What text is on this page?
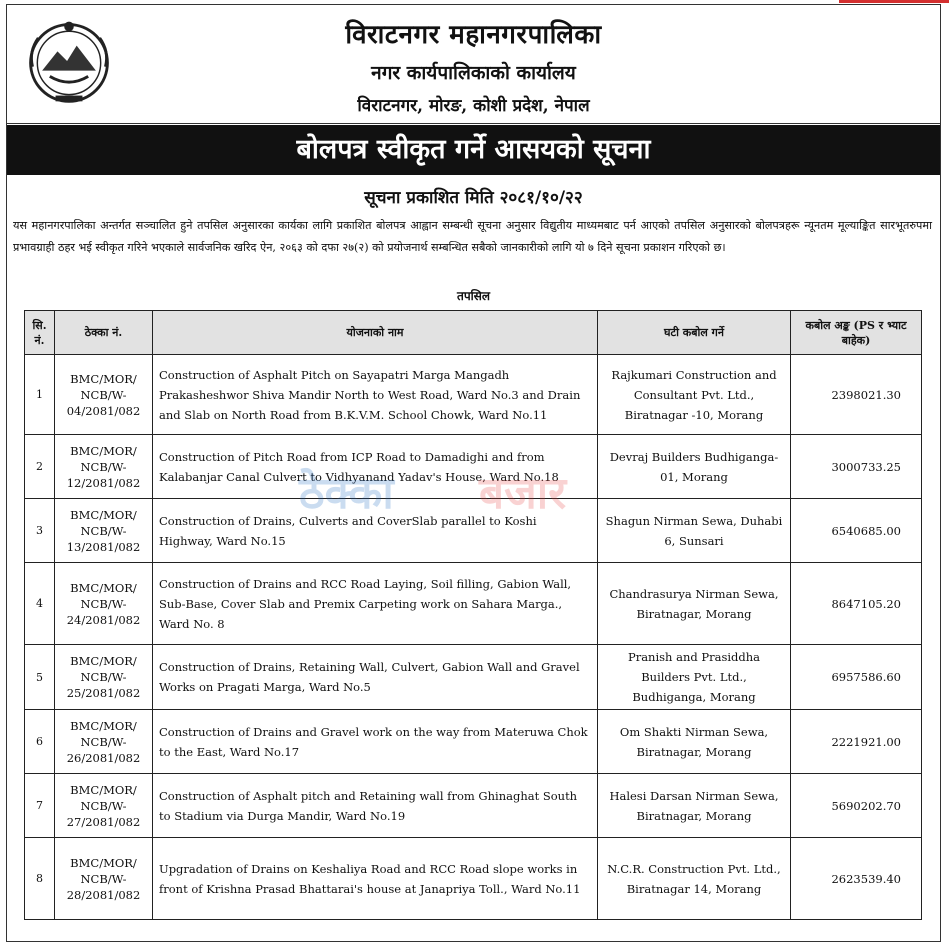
विराटनगर महानगरपालिका
नगर कार्यपालिकाको कार्यालय
विराटनगर, मोरङ, कोशी प्रदेश, नेपाल
बोलपत्र स्वीकृत गर्ने आसयको सूचना
सूचना प्रकाशित मिति २०८१/१०/२२
यस महानगरपालिका अन्तर्गत सञ्चालित हुने तपसिल अनुसारका कार्यका लागि प्रकाशित बोलपत्र आह्वान सम्बन्धी सूचना अनुसार विद्युतीय माध्यमबाट पर्न आएको तपसिल अनुसारको बोलपत्रहरू न्यूनतम मूल्याङ्कित सारभूतरुपमा प्रभावग्राही ठहर भई स्वीकृत गरिने भएकाले सार्वजनिक खरिद ऐन, २०६३ को दफा २७(२) को प्रयोजनार्थ सम्बन्धित सबैको जानकारीको लागि यो ७ दिने सूचना प्रकाशन गरिएको छ।
तपसिल
सि. नं.	ठेक्का नं.	योजनाको नाम	घटी कबोल गर्ने	कबोल अङ्क (PS र भ्याट बाहेक)
1	BMC/MOR/ NCB/W- 04/2081/082	Construction of Asphalt Pitch on Sayapatri Marga Mangadh Prakasheshwor Shiva Mandir North to West Road, Ward No.3 and Drain and Slab on North Road from B.K.V.M. School Chowk, Ward No.11	Rajkumari Construction and Consultant Pvt. Ltd., Biratnagar -10, Morang	2398021.30
2	BMC/MOR/ NCB/W- 12/2081/082	Construction of Pitch Road from ICP Road to Damadighi and from Kalabanjar Canal Culvert to Vidhyanand Yadav's House, Ward No.18	Devraj Builders Budhiganga-01, Morang	3000733.25
3	BMC/MOR/ NCB/W- 13/2081/082	Construction of Drains, Culverts and CoverSlab parallel to Koshi Highway, Ward No.15	Shagun Nirman Sewa, Duhabi 6, Sunsari	6540685.00
4	BMC/MOR/ NCB/W- 24/2081/082	Construction of Drains and RCC Road Laying, Soil filling, Gabion Wall, Sub-Base, Cover Slab and Premix Carpeting work on Sahara Marga., Ward No. 8	Chandrasurya Nirman Sewa, Biratnagar, Morang	8647105.20
5	BMC/MOR/ NCB/W- 25/2081/082	Construction of Drains, Retaining Wall, Culvert, Gabion Wall and Gravel Works on Pragati Marga, Ward No.5	Pranish and Prasiddha Builders Pvt. Ltd., Budhiganga, Morang	6957586.60
6	BMC/MOR/ NCB/W- 26/2081/082	Construction of Drains and Gravel work on the way from Materuwa Chok to the East, Ward No.17	Om Shakti Nirman Sewa, Biratnagar, Morang	2221921.00
7	BMC/MOR/ NCB/W- 27/2081/082	Construction of Asphalt pitch and Retaining wall from Ghinaghat South to Stadium via Durga Mandir, Ward No.19	Halesi Darsan Nirman Sewa, Biratnagar, Morang	5690202.70
8	BMC/MOR/ NCB/W- 28/2081/082	Upgradation of Drains on Keshaliya Road and RCC Road slope works in front of Krishna Prasad Bhattarai's house at Janapriya Toll., Ward No.11	N.C.R. Construction Pvt. Ltd., Biratnagar 14, Morang	2623539.40
ठेक्का बजार
